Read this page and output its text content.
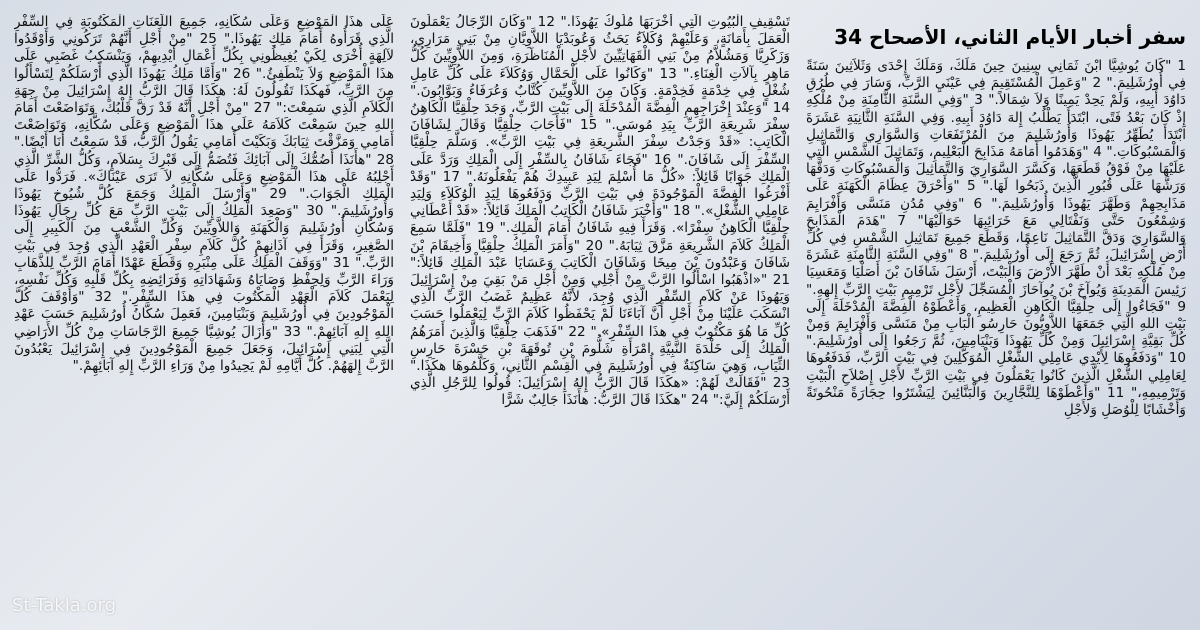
سفر أخبار الأيام الثاني، الأصحاح 34
1 "كَانَ يُوشِيَّا ابْنَ ثَمَانِي سِنِينَ حِينَ مَلَكَ، وَمَلَكَ إِحْدَى وَثَلاَثِينَ سَنَةً فِي أُورُشَلِيمَ." 2 "وَعَمِلَ الْمُسْتَقِيمَ فِي عَيْنَيِ الرَّبِّ، وَسَارَ فِي طُرُقِ دَاوُدَ أَبِيهِ، وَلَمْ يَحِدْ يَمِينًا وَلاَ شِمَالاً." 3 "وَفِي السَّنَةِ الثَّامِنَةِ مِنْ مُلْكِهِ إِذْ كَانَ بَعْدُ فَتًى، ابْتَدَأَ يَطْلُبُ إِلهَ دَاوُدَ أَبِيهِ. وَفِي السَّنَةِ الثَّانِيَةِ عَشَرَةَ ابْتَدَأَ يُطَهِّرُ يَهُوذَا وَأُورُشَلِيمَ مِنَ الْمُرْتَفَعَاتِ وَالسَّوَارِي وَالتَّمَاثِيلِ وَالْمَسْبُوكَاتِ." 4 "وَهَدَمُوا أَمَامَهُ مَذَابِحَ الْبَعْلِيمِ، وَتَمَاثِيلَ الشَّمْسِ الَّتِي عَلَيْهَا مِنْ فَوْقُ قَطَعَهَا، وَكَسَّرَ السَّوَارِيَ وَالتَّمَاثِيلَ وَالْمَسْبُوكَاتِ وَدَقَّهَا وَرَشَّهَا عَلَى قُبُورِ الَّذِينَ ذَبَحُوا لَهَا." 5 "وَأَحْرَقَ عِظَامَ الْكَهَنَةِ عَلَى مَذَابِحِهِمْ وَطَهَّرَ يَهُوذَا وَأُورُشَلِيمَ." 6 "وَفِي مُدُنِ مَنَسَّى وَأَفْرَايِمَ وَشِمْعُونَ حَتَّى وَنَفْتَالِي مَعَ خَرَائِبِهَا حَوَالَيْهَا" 7 "هَدَمَ الْمَذَابحَ وَالسَّوَارِيَ وَدَقَّ التَّمَاثِيلَ نَاعِمًا، وَقَطَعَ جَمِيعَ تَمَاثِيلِ الشَّمْسِ فِي كُلِّ أَرْضِ إِسْرَائِيلَ، ثُمَّ رَجَعَ إِلَى أُورُشَلِيمَ." 8 "وَفِي السَّنَةِ الثَّامِنَةِ عَشَرَةَ مِنْ مُلْكِهِ بَعْدَ أَنْ طَهَّرَ الأَرْضَ وَالْبَيْتَ، أَرْسَلَ شَافَانَ بْنَ أَصَلْيَا وَمَعَسِيَا رَئِيسَ الْمَدِينَةِ وَيُوآخَ بْنَ يُوآحَازَ الْمُسَجِّلَ لأَجْلِ تَرْمِيمِ بَيْتِ الرَّبِّ إِلهِهِ." 9 "فَجَاءُوا إِلَى حِلْقِيَّا الْكَاهِنِ الْعَظِيمِ، وَأَعْطَوْهُ الْفِضَّةَ الْمُدْخَلَةَ إِلَى بَيْتِ اللهِ الَّتِي جَمَعَهَا اللاَّوِيُّونَ حَارِسُو الْبَابِ مِنْ مَنَسَّى وَأَفْرَايِمَ وَمِنْ كُلِّ بَقِيَّةِ إِسْرَائِيلَ وَمِنْ كُلِّ يَهُوذَا وَبَنْيَامِينَ، ثُمَّ رَجَعُوا إِلَى أُورُشَلِيمَ." 10 "وَدَفَعُوهَا لِأَيْدِي عَامِلِي الشُّغْلِ الْمُوَكَّلِينَ فِي بَيْتِ الرَّبِّ، فَدَفَعُوهَا لِعَامِلِي الشُّغْلِ الَّذِينَ كَانُوا يَعْمَلُونَ فِي بَيْتِ الرَّبِّ لأَجْلِ إِصْلاَحِ الْبَيْتِ وَتَرْمِيمِهِ،" 11 "وَأَعْطَوْهَا لِلنَّجَّارِينَ وَالْبَنَّائِينَ لِيَشْتَرُوا حِجَارَةً مَنْحُوتَةً وَأَخْشَابًا لِلْوُصَلِ وَلأَجْلِ
تَسْقِيفِ الْبُيُوتِ الَّتِي أَخْرَبَهَا مُلُوكُ يَهُوذَا." 12 "وَكَانَ الرِّجَالُ يَعْمَلُونَ الْعَمَلَ بِأَمَانَةٍ، وَعَلَيْهِمْ وُكَلاَءُ يَحَثُ وَعُوبَدْيَا اللاَّوِيَّانِ مِنْ بَنِي مَرَارِي، وَزَكَرِيَّا وَمَشُلاَّمُ مِنْ بَنِي الْقَهَاتِيِّينَ لأَجْلِ الْمُنَاظَرَةِ، وَمِنَ اللاَّوِيِّينَ كُلُّ مَاهِرٍ بِآلاَتِ الْغِنَاءِ." 13 "وَكَانُوا عَلَى الْحَمَّالِ وَوُكَلاَءَ عَلَى كُلِّ عَامِلِ شُغْلٍ فِي خِدْمَةٍ فَخِدْمَةٍ. وَكَانَ مِنَ اللاَّوِيِّينَ كُتَّابٌ وَعُرَفَاءُ وَبَوَّابُونَ." 14 "وَعِنْدَ إِخْرَاجِهِمِ الْفِضَّةَ الْمُدْخَلَةَ إِلَى بَيْتِ الرَّبِّ، وَجَدَ حِلْقِيَّا الْكَاهِنُ سِفْرَ شَرِيعَةِ الرَّبِّ بِيَدِ مُوسَى." 15 "فَأَجَابَ حِلْقِيَّا وَقَالَ لِشَافَانَ الْكَاتِبِ: «قَدْ وَجَدْتُ سِفْرَ الشَّرِيعَةِ فِي بَيْتِ الرَّبِّ». وَسَلَّمَ حِلْقِيَّا السِّفْرَ إِلَى شَافَانَ." 16 "فَجَاءَ شَافَانُ بِالسِّفْرِ إِلَى الْمَلِكِ وَرَدَّ عَلَى الْمَلِكِ جَوَابًا قَائِلاً: «كُلُّ مَا أُسْلِمَ لِيَدِ عَبِيدِكَ هُمْ يَفْعَلُونَهُ." 17 "وَقَدْ أَفْرَغُوا الْفِضَّةَ الْمَوْجُودَةَ فِي بَيْتِ الرَّبِّ وَدَفَعُوهَا لِيَدِ الْوُكَلاَءِ وَلِيَدِ عَامِلِي الشُّغْلِ»." 18 "وَأَخْبَرَ شَافَانُ الْكَاتِبُ الْمَلِكَ قَائِلاً: «قَدْ أَعْطَانِي حِلْقِيَّا الْكَاهِنُ سِفْرًا». وَقَرَأَ فِيهِ شَافَانُ أَمَامَ الْمَلِكِ." 19 "فَلَمَّا سَمِعَ الْمَلِكُ كَلاَمَ الشَّرِيعَةِ مَزَّقَ ثِيَابَهُ." 20 "وَأَمَرَ الْمَلِكُ حِلْقِيَّا وَأَخِيقَامَ بْنَ شَافَانَ وَعَبْدُونَ بْنَ مِيخَا وَشَافَانَ الْكَاتِبَ وَعَسَايَا عَبْدَ الْمَلِكِ قَائِلاً:" 21 "«اذْهَبُوا اسْأَلُوا الرَّبَّ مِنْ أَجْلِي وَمِنْ أَجْلِ مَنْ بَقِيَ مِنْ إِسْرَائِيلَ وَيَهُوذَا عَنْ كَلاَمِ السِّفْرِ الَّذِي وُجِدَ، لأَنَّهُ عَظِيمٌ غَضَبُ الرَّبِّ الَّذِي انْسَكَبَ عَلَيْنَا مِنْ أَجْلِ أَنَّ آبَاءَنَا لَمْ يَحْفَظُوا كَلاَمَ الرَّبِّ لِيَعْمَلُوا حَسَبَ كُلِّ مَا هُوَ مَكْتُوبٌ فِي هذَا السِّفْرِ»." 22 "فَذَهَبَ حِلْقِيَّا وَالَّذِينَ أَمَرَهُمُ الْمَلِكُ إِلَى خَلْدَةَ النَّبِيَّةِ امْرَأَةِ شَلُّومَ بْنِ تُوقَهَةَ بْنِ حَسْرَةَ حَارِسِ الثِّيَابِ، وَهِيَ سَاكِنَةٌ فِي أُورُشَلِيمَ فِي الْقِسْمِ الثَّانِي، وَكَلَّمُوهَا هكَذَا." 23 "فَقَالَتْ لَهُمْ: «هكَذَا قَالَ الرَّبُّ إِلهُ إِسْرَائِيلَ: قُولُوا لِلرَّجُلِ الَّذِي أَرْسَلَكُمْ إِلَيَّ:" 24 "هكَذَا قَالَ الرَّبُّ: هأَنَذَا جَالِبٌ شَرًّا
عَلَى هذَا الْمَوْضِعِ وَعَلَى سُكَّانِهِ، جَمِيعَ اللَّعَنَاتِ الْمَكْتُوبَةِ فِي السِّفْرِ الَّذِي قَرَأُوهُ أَمَامَ مَلِكِ يَهُوذَا." 25 "مِنْ أَجْلِ أَنَّهُمْ تَرَكُونِي وَأَوْقَدُوا لآلِهَةٍ أُخْرَى لِكَيْ يُغِيظُونِي بِكُلِّ أَعْمَالِ أَيْدِيهِمْ، وَيَنْسَكِبُ غَضَبِي عَلَى هذَا الْمَوْضِعِ وَلاَ يَنْطَفِئُ." 26 "وَأَمَّا مَلِكُ يَهُوذَا الَّذِي أَرْسَلَكُمْ لِتَسْأَلُوا مِنَ الرَّبِّ، فَهكَذَا تَقُولُونَ لَهُ: هكَذَا قَالَ الرَّبُّ إِلهُ إِسْرَائِيلَ مِنْ جِهَةِ الْكَلاَمِ الَّذِي سَمِعْتَ:" 27 "مِنْ أَجْلِ أَنَّهُ قَدْ رَقَّ قَلْبُكَ، وَتَوَاضَعْتَ أَمَامَ اللهِ حِينَ سَمِعْتَ كَلاَمَهُ عَلَى هذَا الْمَوْضِعِ وَعَلَى سُكَّانِهِ، وَتَوَاضَعْتَ أَمَامِي وَمَزَّقْتَ ثِيَابَكَ وَبَكَيْتَ أَمَامِي يَقُولُ الرَّبُّ، قَدْ سَمِعْتُ أَنَا أَيْضًا." 28 "هأَنَذَا أَضُمُّكَ إِلَى آبَائِكَ فَتُضَمُّ إِلَى قَبْرِكَ بِسَلاَمٍ، وَكُلُّ الشَّرِّ الَّذِي أَجْلِبُهُ عَلَى هذَا الْمَوْضِعِ وَعَلَى سُكَّانِهِ لاَ تَرَى عَيْنَاكَ». فَرَدُّوا عَلَى الْمَلِكِ الْجَوَابَ." 29 "وَأَرْسَلَ الْمَلِكُ وَجَمَعَ كُلَّ شُيُوخِ يَهُوذَا وَأُورُشَلِيمَ." 30 "وَصَعِدَ الْمَلِكُ إِلَى بَيْتِ الرَّبِّ مَعَ كُلِّ رِجَالِ يَهُوذَا وَسُكَّانِ أُورُشَلِيمَ وَالْكَهَنَةِ وَاللاَّوِيِّينَ وَكُلِّ الشَّعْبِ مِنَ الْكَبِيرِ إِلَى الصَّغِيرِ، وَقَرَأَ فِي آذَانِهِمْ كُلَّ كَلاَمِ سِفْرِ الْعَهْدِ الَّذِي وُجِدَ فِي بَيْتِ الرَّبِّ." 31 "وَوَقَفَ الْمَلِكُ عَلَى مِنْبَرِهِ وَقَطَعَ عَهْدًا أَمَامَ الرَّبِّ لِلذَّهَابِ وَرَاءَ الرَّبِّ وَلِحِفْظِ وَصَايَاهُ وَشَهَادَاتِهِ وَفَرَائِضِهِ بِكُلِّ قَلْبِهِ وَكُلِّ نَفْسِهِ، لِيَعْمَلَ كَلاَمَ الْعَهْدِ الْمَكْتُوبَ فِي هذَا السِّفْرِ." 32 "وَأَوْقَفَ كُلَّ الْمَوْجُودِينَ فِي أُورُشَلِيمَ وَبَنْيَامِينَ، فَعَمِلَ سُكَّانُ أُورُشَلِيمَ حَسَبَ عَهْدِ اللهِ إِلهِ آبَائِهِمْ." 33 "وَأَزَالَ يُوشِيَّا جَمِيعَ الرَّجَاسَاتِ مِنْ كُلِّ الأَرَاضِي الَّتِي لِبَنِي إِسْرَائِيلَ، وَجَعَلَ جَمِيعَ الْمَوْجُودِينَ فِي إِسْرَائِيلَ يَعْبُدُونَ الرَّبَّ إِلهَهُمْ. كُلَّ أَيَّامِهِ لَمْ يَحِيدُوا مِنْ وَرَاءِ الرَّبِّ إِلهِ آبَائِهِمْ."
St-Takla.org
